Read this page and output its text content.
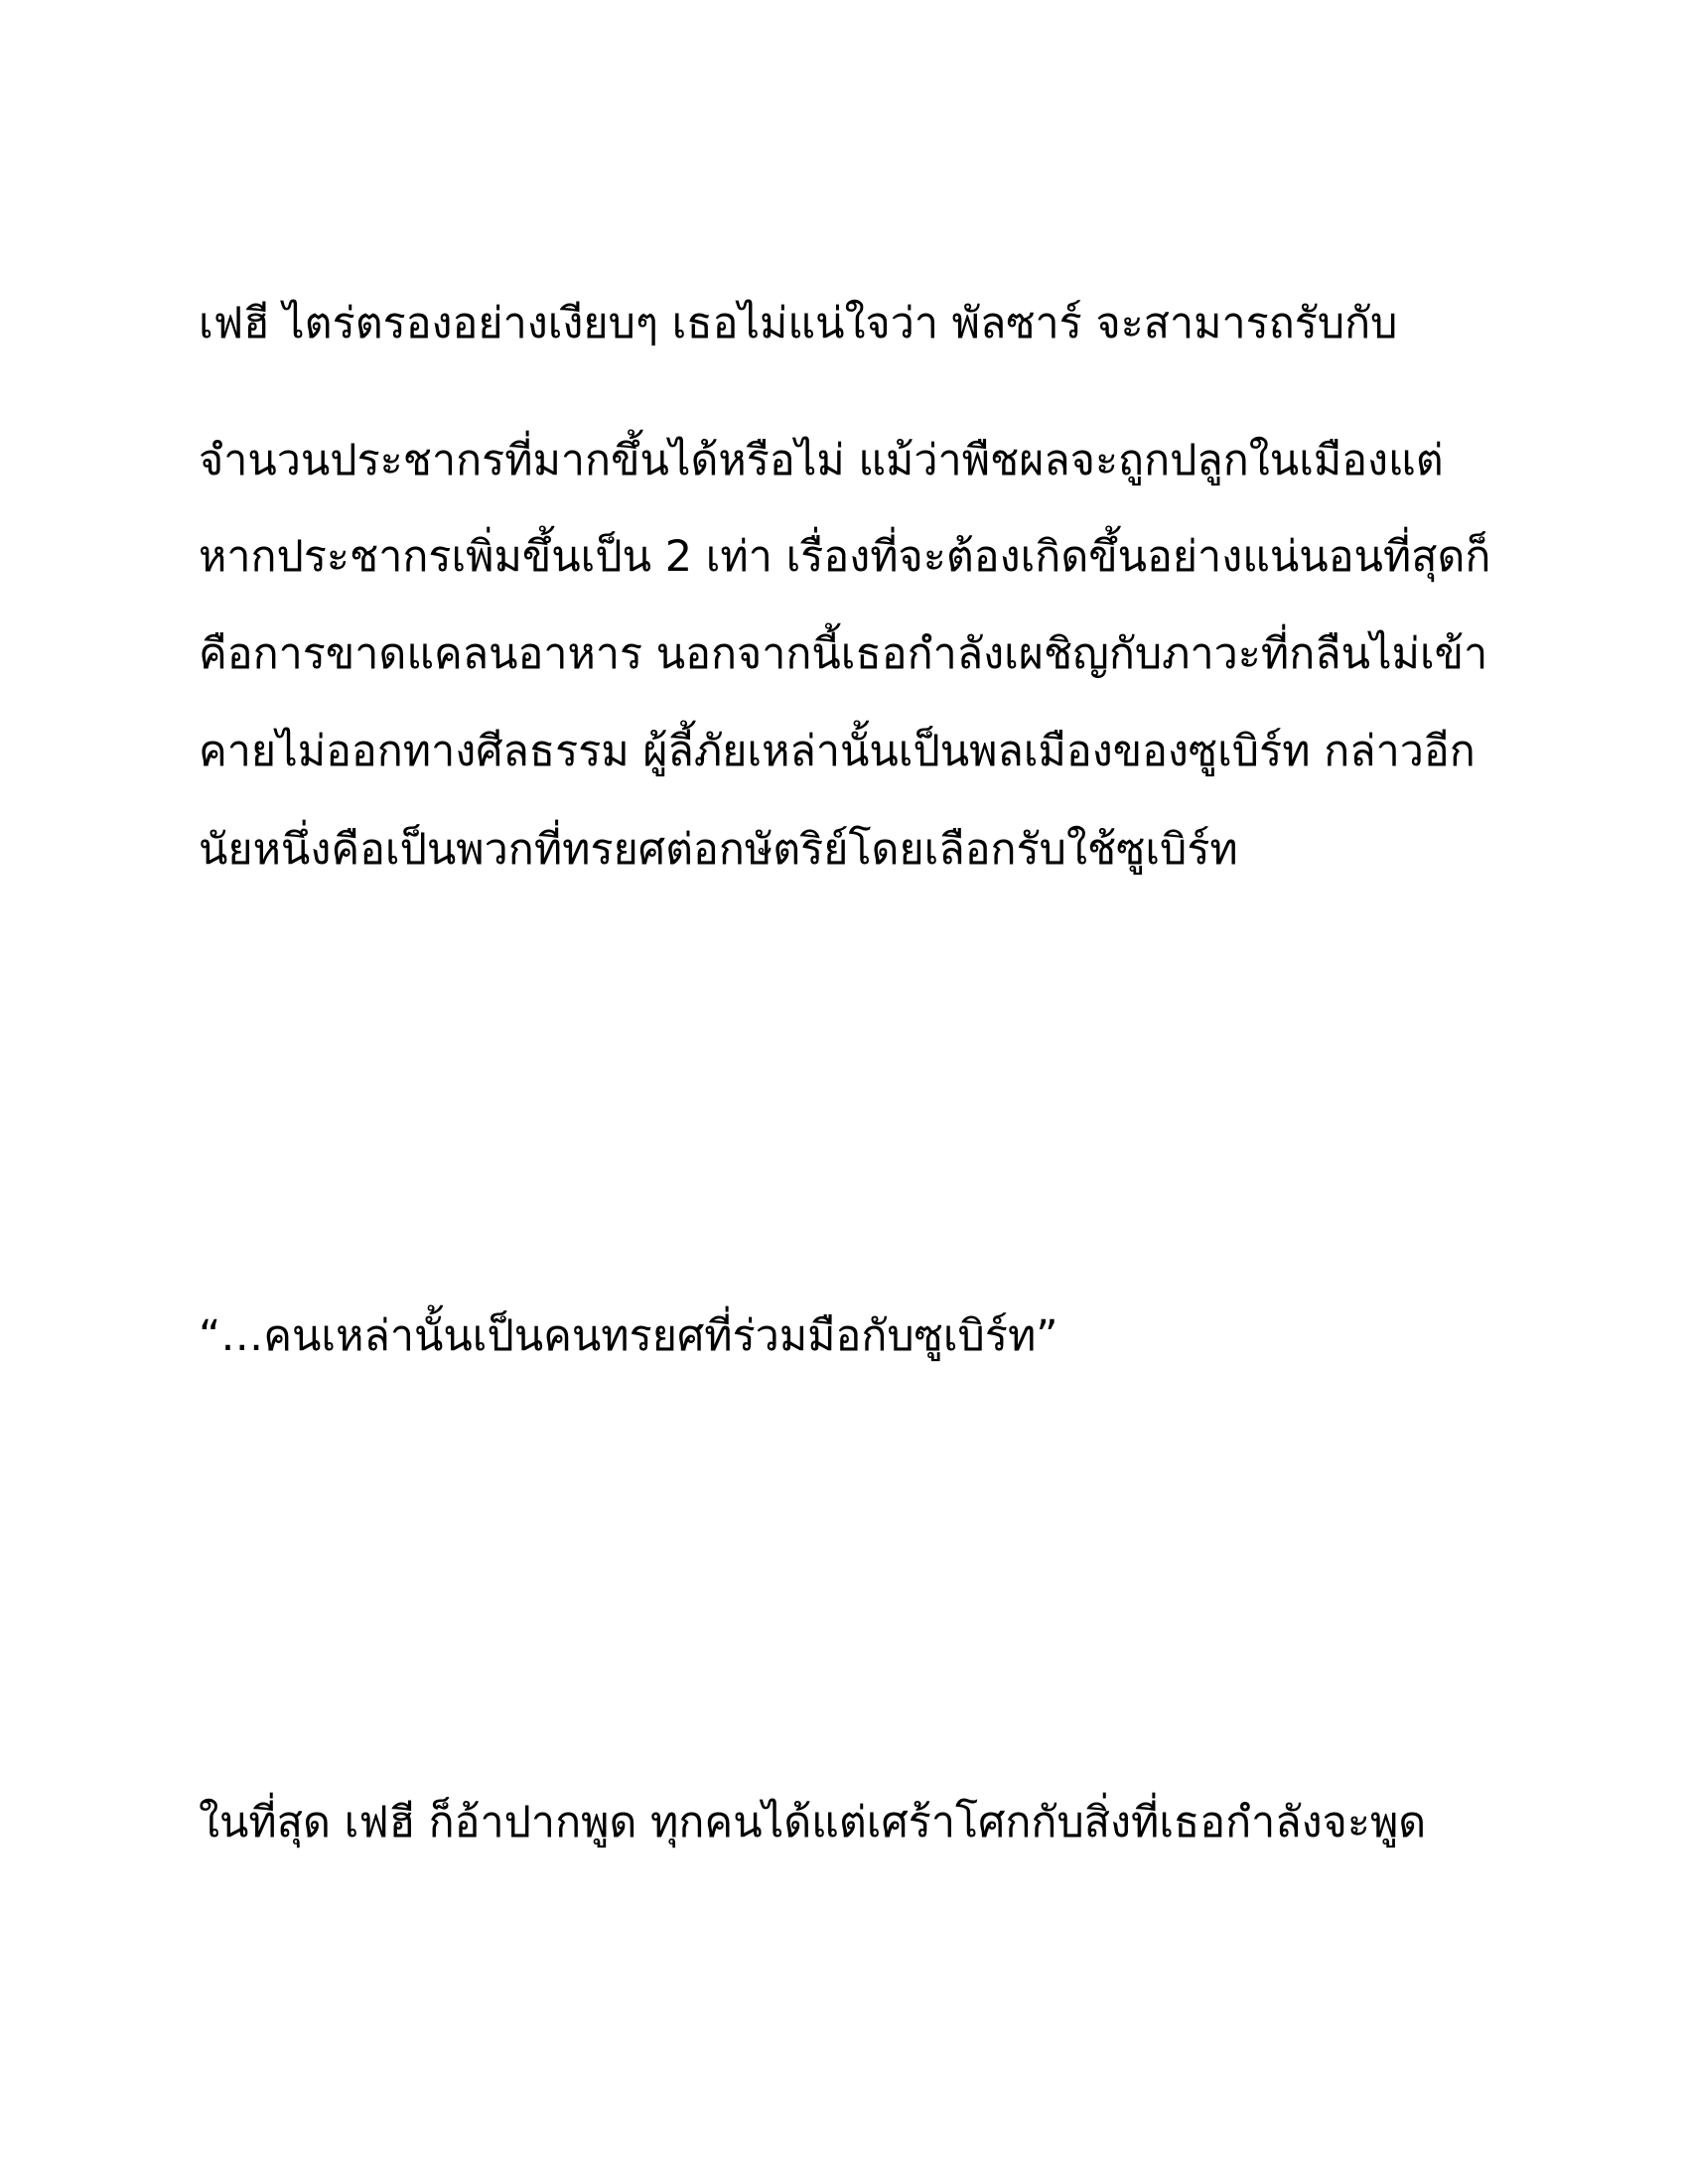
เฟฮี ไตร่ตรองอย่างเงียบๆ เธอไม่แน่ใจว่า พัลซาร์ จะสามารถรับกับ

จำนวนประชากรที่มากขึ้นได้หรือไม่ แม้ว่าพืชผลจะถูกปลูกในเมืองแต่

หากประชากรเพิ่มขึ้นเป็น 2 เท่า เรื่องที่จะต้องเกิดขึ้นอย่างแน่นอนที่สุดก็

คือการขาดแคลนอาหาร นอกจากนี้เธอกำลังเผชิญกับภาวะที่กลืนไม่เข้า

คายไม่ออกทางศีลธรรม ผู้ลี้ภัยเหล่านั้นเป็นพลเมืองของซูเบิร์ท กล่าวอีก

นัยหนึ่งคือเป็นพวกที่ทรยศต่อกษัตริย์โดยเลือกรับใช้ซูเบิร์ท

“…คนเหล่านั้นเป็นคนทรยศที่ร่วมมือกับซูเบิร์ท”

ในที่สุด เฟฮี ก็อ้าปากพูด ทุกคนได้แต่เศร้าโศกกับสิ่งที่เธอกำลังจะพูด
